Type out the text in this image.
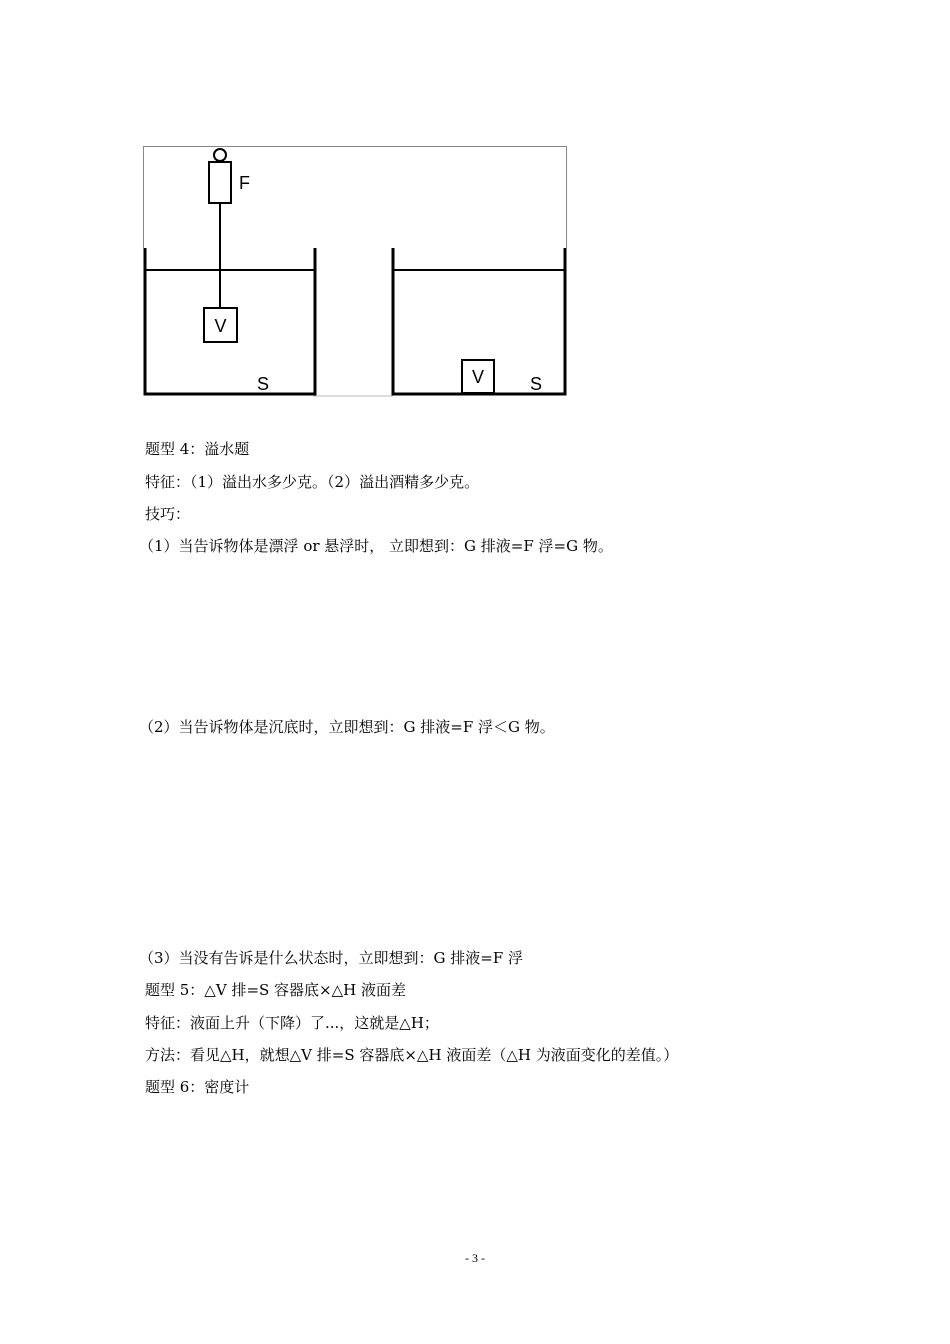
F
V
S	V	S
题型 4：溢水题
特征：（1）溢出水多少克。（2）溢出酒精多少克。
技巧：
（1）当告诉物体是漂浮 or 悬浮时， 立即想到：G 排液=F 浮=G 物。
（2）当告诉物体是沉底时，立即想到：G 排液=F 浮＜G 物。
（3）当没有告诉是什么状态时，立即想到：G 排液=F 浮
题型 5：△V 排=S 容器底×△H 液面差
特征：液面上升（下降）了...，这就是△H；
方法：看见△H，就想△V 排=S 容器底×△H 液面差（△H 为液面变化的差值。）
题型 6：密度计
- 3 -
